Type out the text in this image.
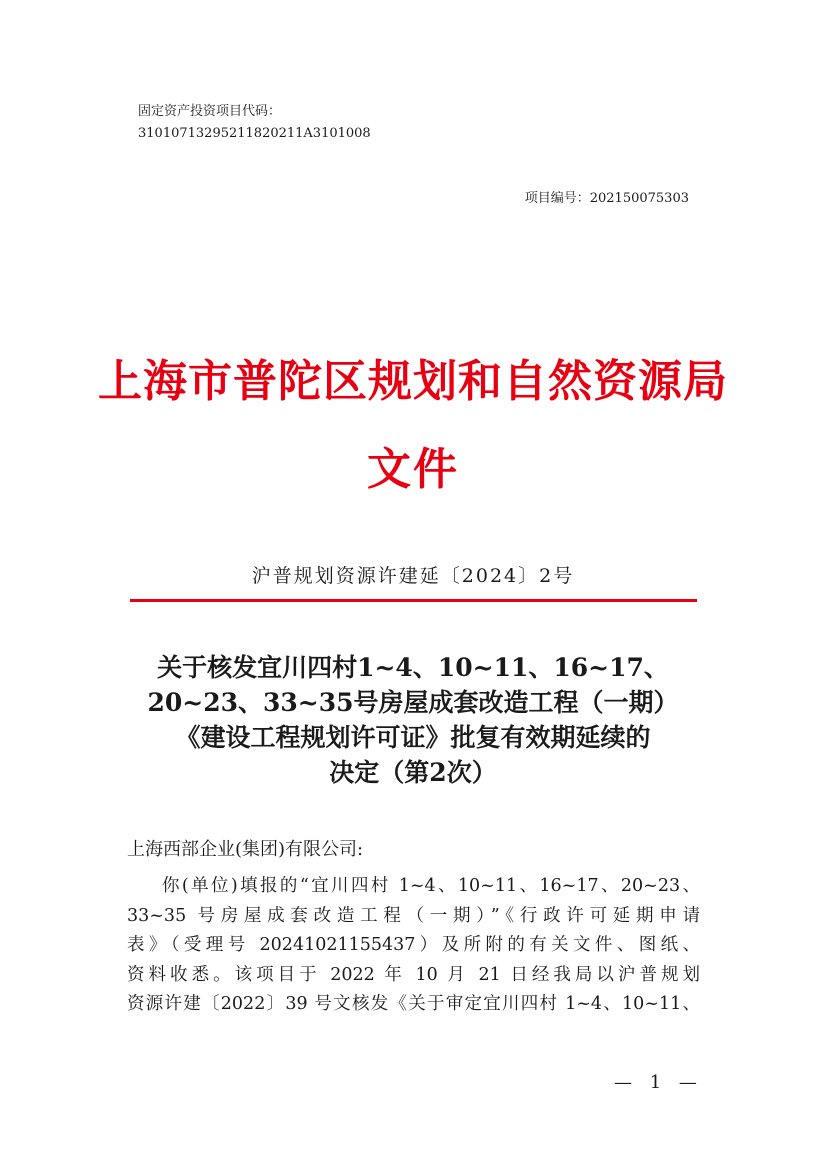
固定资产投资项目代码：
31010713295211820211A3101008
项目编号：202150075303
上海市普陀区规划和自然资源局
文件
沪普规划资源许建延〔2024〕2号
关于核发宜川四村1~4、10~11、16~17、
20~23、33~35号房屋成套改造工程（一期）
《建设工程规划许可证》批复有效期延续的
决定（第2次）
上海西部企业(集团)有限公司:
你(单位)填报的“宜川四村 1~4、10~11、16~17、20~23、
33~35 号房屋成套改造工程（一期）”《行政许可延期申请
表》（受理号 20241021155437）及所附的有关文件、图纸、
资料收悉。该项目于 2022 年 10 月 21 日经我局以沪普规划
资源许建〔2022〕39 号文核发《关于审定宜川四村 1~4、10~11、
— 1 —
